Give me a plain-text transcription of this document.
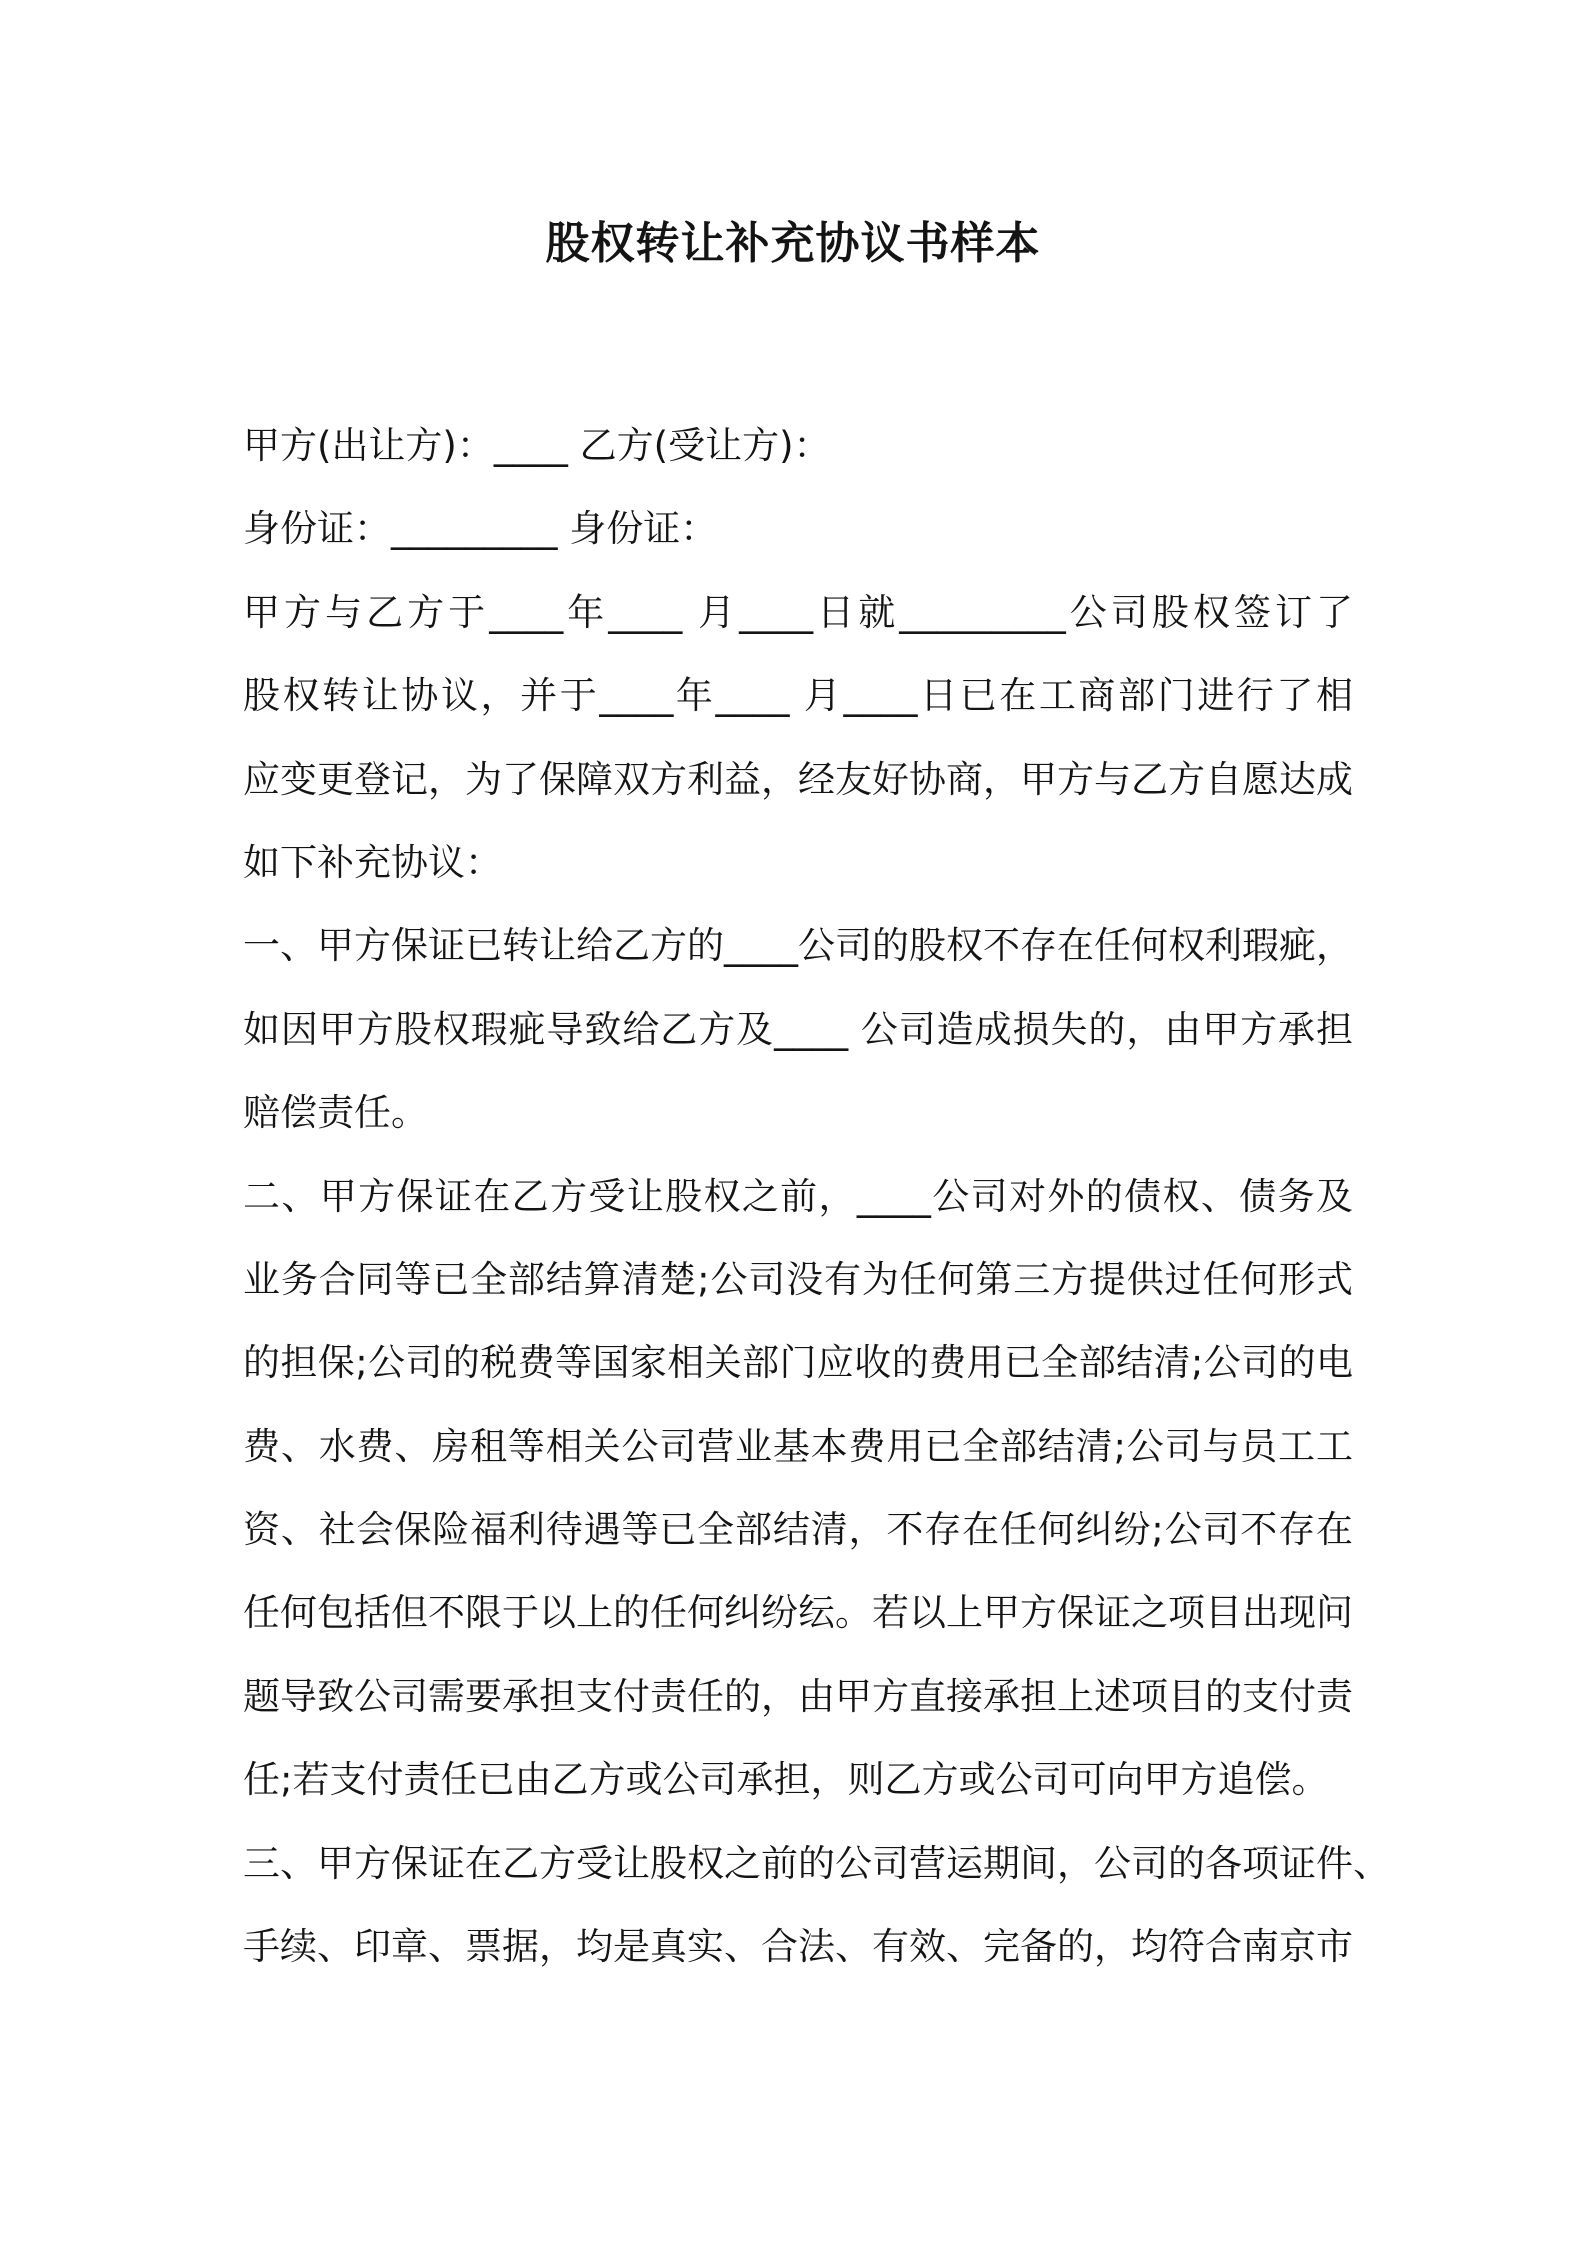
股权转让补充协议书样本
甲方(出让方)：____ 乙方(受让方)：
身份证：_________ 身份证：
甲方与乙方于____年____ 月____日就_________公司股权签订了
股权转让协议，并于____年____ 月____日已在工商部门进行了相
应变更登记，为了保障双方利益，经友好协商，甲方与乙方自愿达成
如下补充协议：
一、甲方保证已转让给乙方的____公司的股权不存在任何权利瑕疵，
如因甲方股权瑕疵导致给乙方及____ 公司造成损失的，由甲方承担
赔偿责任。
二、甲方保证在乙方受让股权之前，____公司对外的债权、债务及
业务合同等已全部结算清楚;公司没有为任何第三方提供过任何形式
的担保;公司的税费等国家相关部门应收的费用已全部结清;公司的电
费、水费、房租等相关公司营业基本费用已全部结清;公司与员工工
资、社会保险福利待遇等已全部结清，不存在任何纠纷;公司不存在
任何包括但不限于以上的任何纠纷纭。若以上甲方保证之项目出现问
题导致公司需要承担支付责任的，由甲方直接承担上述项目的支付责
任;若支付责任已由乙方或公司承担，则乙方或公司可向甲方追偿。
三、甲方保证在乙方受让股权之前的公司营运期间，公司的各项证件、
手续、印章、票据，均是真实、合法、有效、完备的，均符合南京市
